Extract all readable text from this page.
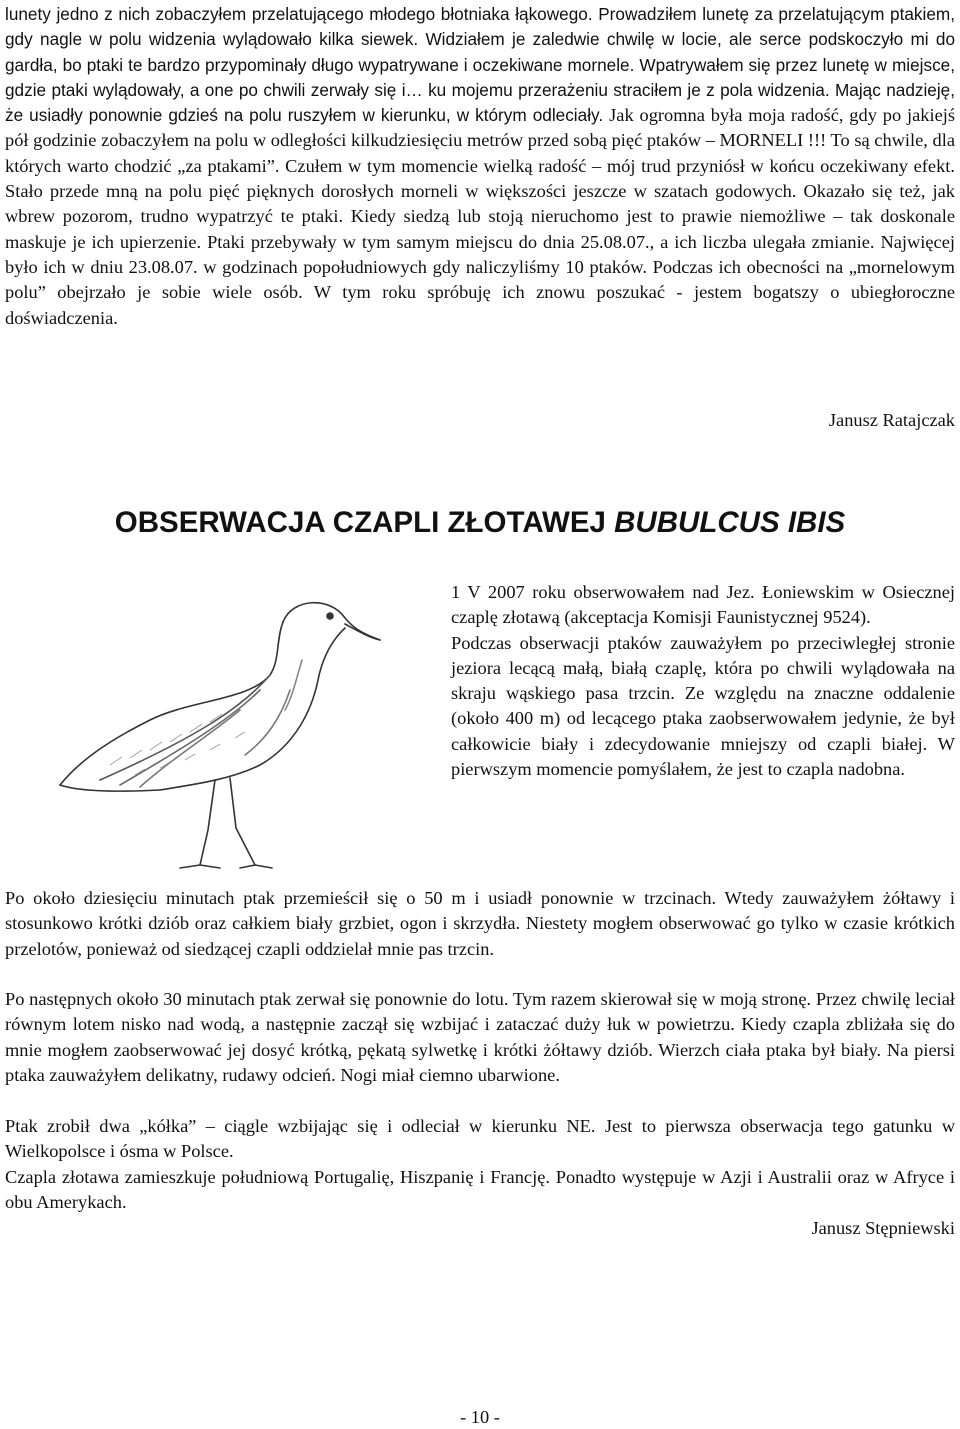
lunety jedno z nich zobaczyłem przelatującego młodego błotniaka łąkowego. Prowadziłem lunetę za przelatującym ptakiem, gdy nagle w polu widzenia wylądowało kilka siewek. Widziałem je zaledwie chwilę w locie, ale serce podskoczyło mi do gardła, bo ptaki te bardzo przypominały długo wypatrywane i oczekiwane mornele. Wpatrywałem się przez lunetę w miejsce, gdzie ptaki wylądowały, a one po chwili zerwały się i… ku mojemu przerażeniu straciłem je z pola widzenia. Mając nadzieję, że usiadły ponownie gdzieś na polu ruszyłem w kierunku, w którym odleciały. Jak ogromna była moja radość, gdy po jakiejś pół godzinie zobaczyłem na polu w odległości kilkudziesięciu metrów przed sobą pięć ptaków – MORNELI !!! To są chwile, dla których warto chodzić „za ptakami”. Czułem w tym momencie wielką radość – mój trud przyniósł w końcu oczekiwany efekt. Stało przede mną na polu pięć pięknych dorosłych morneli w większości jeszcze w szatach godowych. Okazało się też, jak wbrew pozorom, trudno wypatrzyć te ptaki. Kiedy siedzą lub stoją nieruchomo jest to prawie niemożliwe – tak doskonale maskuje je ich upierzenie. Ptaki przebywały w tym samym miejscu do dnia 25.08.07., a ich liczba ulegała zmianie. Najwięcej było ich w dniu 23.08.07. w godzinach popołudniowych gdy naliczyliśmy 10 ptaków. Podczas ich obecności na „mornelowym polu” obejrzało je sobie wiele osób. W tym roku spróbuję ich znowu poszukać - jestem bogatszy o ubiegłoroczne doświadczenia.

Janusz Ratajczak

OBSERWACJA CZAPLI ZŁOTAWEJ BUBULCUS IBIS

1 V 2007 roku obserwowałem nad Jez. Łoniewskim w Osiecznej czaplę złotawą (akceptacja Komisji Faunistycznej 9524).

Podczas obserwacji ptaków zauważyłem po przeciwległej stronie jeziora lecącą małą, białą czaplę, która po chwili wylądowała na skraju wąskiego pasa trzcin. Ze względu na znaczne oddalenie (około 400 m) od lecącego ptaka zaobserwowałem jedynie, że był całkowicie biały i zdecydowanie mniejszy od czapli białej. W pierwszym momencie pomyślałem, że jest to czapla nadobna.

Po około dziesięciu minutach ptak przemieścił się o 50 m i usiadł ponownie w trzcinach. Wtedy zauważyłem żółtawy i stosunkowo krótki dziób oraz całkiem biały grzbiet, ogon i skrzydła. Niestety mogłem obserwować go tylko w czasie krótkich przelotów, ponieważ od siedzącej czapli oddzielał mnie pas trzcin.

Po następnych około 30 minutach ptak zerwał się ponownie do lotu. Tym razem skierował się w moją stronę. Przez chwilę leciał równym lotem nisko nad wodą, a następnie zaczął się wzbijać i zataczać duży łuk w powietrzu. Kiedy czapla zbliżała się do mnie mogłem zaobserwować jej dosyć krótką, pękatą sylwetkę i krótki żółtawy dziób. Wierzch ciała ptaka był biały. Na piersi ptaka zauważyłem delikatny, rudawy odcień. Nogi miał ciemno ubarwione.

Ptak zrobił dwa „kółka” – ciągle wzbijając się i odleciał w kierunku NE. Jest to pierwsza obserwacja tego gatunku w Wielkopolsce i ósma w Polsce.

Czapla złotawa zamieszkuje południową Portugalię, Hiszpanię i Francję. Ponadto występuje w Azji i Australii oraz w Afryce i obu Amerykach.

Janusz Stępniewski

- 10 -
